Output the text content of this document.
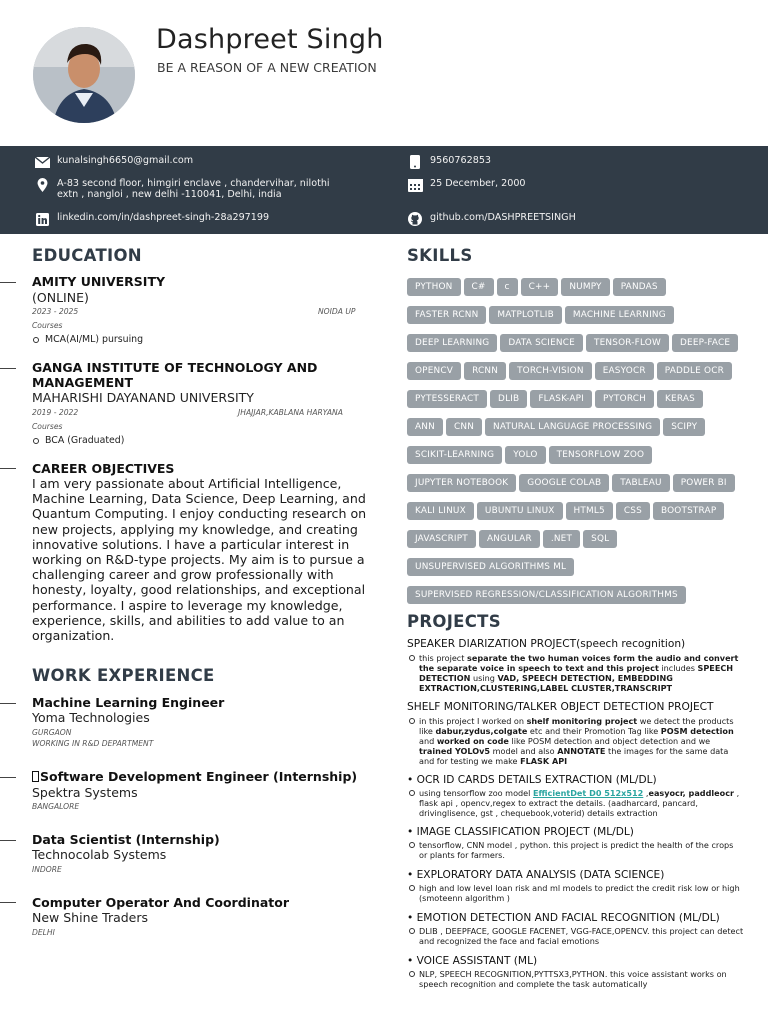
Dashpreet Singh
BE A REASON OF A NEW CREATION
kunalsingh6650@gmail.com	9560762853
A-83 second floor, himgiri enclave , chandervihar, nilothi
extn , nangloi , new delhi -110041, Delhi, india
25 December, 2000
linkedin.com/in/dashpreet-singh-28a297199	github.com/DASHPREETSINGH
EDUCATION
AMITY UNIVERSITY
(ONLINE)
2023 - 2025	NOIDA UP
Courses
MCA(AI/ML) pursuing
GANGA INSTITUTE OF TECHNOLOGY AND
MANAGEMENT
MAHARISHI DAYANAND UNIVERSITY
2019 - 2022	JHAJJAR,KABLANA HARYANA
Courses
BCA (Graduated)
CAREER OBJECTIVES
I am very passionate about Artificial Intelligence, Machine Learning, Data Science, Deep Learning, and Quantum Computing. I enjoy conducting research on new projects, applying my knowledge, and creating innovative solutions. I have a particular interest in working on R&D-type projects. My aim is to pursue a challenging career and grow professionally with honesty, loyalty, good relationships, and exceptional performance. I aspire to leverage my knowledge, experience, skills, and abilities to add value to an organization.
WORK EXPERIENCE
Machine Learning Engineer
Yoma Technologies
GURGAON
WORKING IN R&D DEPARTMENT
Software Development Engineer (Internship)
Spektra Systems
BANGALORE
Data Scientist (Internship)
Technocolab Systems
INDORE
Computer Operator And Coordinator
New Shine Traders
DELHI
SKILLS
PYTHON C# c C++ NUMPY PANDASFASTER RCNN MATPLOTLIB MACHINE LEARNINGDEEP LEARNING DATA SCIENCE TENSOR-FLOW DEEP-FACEOPENCV RCNN TORCH-VISION EASYOCR PADDLE OCRPYTESSERACT DLIB FLASK-API PYTORCH KERASANN CNN NATURAL LANGUAGE PROCESSING SCIPYSCIKIT-LEARNING YOLO TENSORFLOW ZOOJUPYTER NOTEBOOK GOOGLE COLAB TABLEAU POWER BIKALI LINUX UBUNTU LINUX HTML5 CSS BOOTSTRAPJAVASCRIPT ANGULAR .NET SQLUNSUPERVISED ALGORITHMS MLSUPERVISED REGRESSION/CLASSIFICATION ALGORITHMS
PROJECTS
SPEAKER DIARIZATION PROJECT(speech recognition)
this project separate the two human voices form the audio and convert the separate voice in speech to text and this project includes SPEECH DETECTION using VAD, SPEECH DETECTION, EMBEDDING EXTRACTION,CLUSTERING,LABEL CLUSTER,TRANSCRIPT
SHELF MONITORING/TALKER OBJECT DETECTION PROJECT
in this project I worked on shelf monitoring project we detect the products like dabur,zydus,colgate etc and their Promotion Tag like POSM detection and worked on code like POSM detection and object detection and we trained YOLOv5 model and also ANNOTATE the images for the same data and for testing we make FLASK API
• OCR ID CARDS DETAILS EXTRACTION (ML/DL)
using tensorflow zoo model EfficientDet D0 512x512 ,easyocr, paddleocr , flask api , opencv,regex to extract the details. (aadharcard, pancard, drivinglisence, gst , chequebook,voterid) details extraction
• IMAGE CLASSIFICATION PROJECT (ML/DL)
tensorflow, CNN model , python. this project is predict the health of the crops or plants for farmers.
• EXPLORATORY DATA ANALYSIS (DATA SCIENCE)
high and low level loan risk and ml models to predict the credit risk low or high (smoteenn algorithm )
• EMOTION DETECTION AND FACIAL RECOGNITION (ML/DL)
DLIB , DEEPFACE, GOOGLE FACENET, VGG-FACE,OPENCV. this project can detect and recognized the face and facial emotions
• VOICE ASSISTANT (ML)
NLP, SPEECH RECOGNITION,PYTTSX3,PYTHON. this voice assistant works on speech recognition and complete the task automatically
